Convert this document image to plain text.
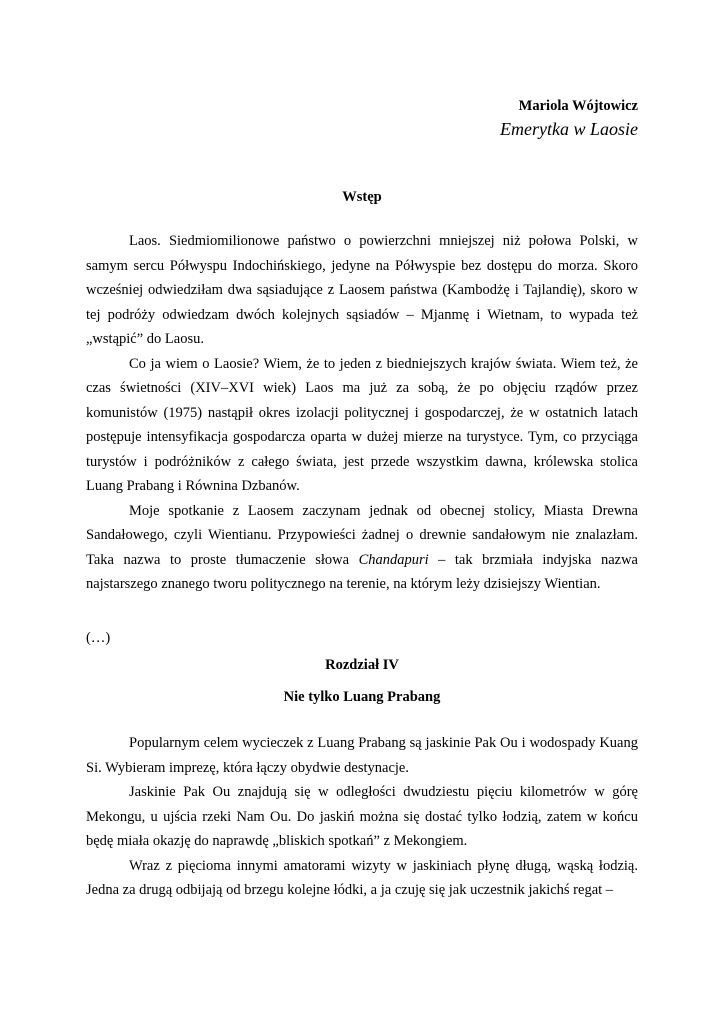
Mariola Wójtowicz
Emerytka w Laosie
Wstęp

Laos. Siedmiomilionowe państwo o powierzchni mniejszej niż połowa Polski, w samym sercu Półwyspu Indochińskiego, jedyne na Półwyspie bez dostępu do morza. Skoro wcześniej odwiedziłam dwa sąsiadujące z Laosem państwa (Kambodżę i Tajlandię), skoro w tej podróży odwiedzam dwóch kolejnych sąsiadów – Mjanmę i Wietnam, to wypada też „wstąpić” do Laosu.

Co ja wiem o Laosie? Wiem, że to jeden z biedniejszych krajów świata. Wiem też, że czas świetności (XIV–XVI wiek) Laos ma już za sobą, że po objęciu rządów przez komunistów (1975) nastąpił okres izolacji politycznej i gospodarczej, że w ostatnich latach postępuje intensyfikacja gospodarcza oparta w dużej mierze na turystyce. Tym, co przyciąga turystów i podróżników z całego świata, jest przede wszystkim dawna, królewska stolica Luang Prabang i Równina Dzbanów.

Moje spotkanie z Laosem zaczynam jednak od obecnej stolicy, Miasta Drewna Sandałowego, czyli Wientianu. Przypowieści żadnej o drewnie sandałowym nie znalazłam. Taka nazwa to proste tłumaczenie słowa Chandapuri – tak brzmiała indyjska nazwa najstarszego znanego tworu politycznego na terenie, na którym leży dzisiejszy Wientian.

(…)
Rozdział IV
Nie tylko Luang Prabang

Popularnym celem wycieczek z Luang Prabang są jaskinie Pak Ou i wodospady Kuang Si. Wybieram imprezę, która łączy obydwie destynacje.

Jaskinie Pak Ou znajdują się w odległości dwudziestu pięciu kilometrów w górę Mekongu, u ujścia rzeki Nam Ou. Do jaskiń można się dostać tylko łodzią, zatem w końcu będę miała okazję do naprawdę „bliskich spotkań” z Mekongiem.

Wraz z pięcioma innymi amatorami wizyty w jaskiniach płynę długą, wąską łodzią. Jedna za drugą odbijają od brzegu kolejne łódki, a ja czuję się jak uczestnik jakichś regat –
